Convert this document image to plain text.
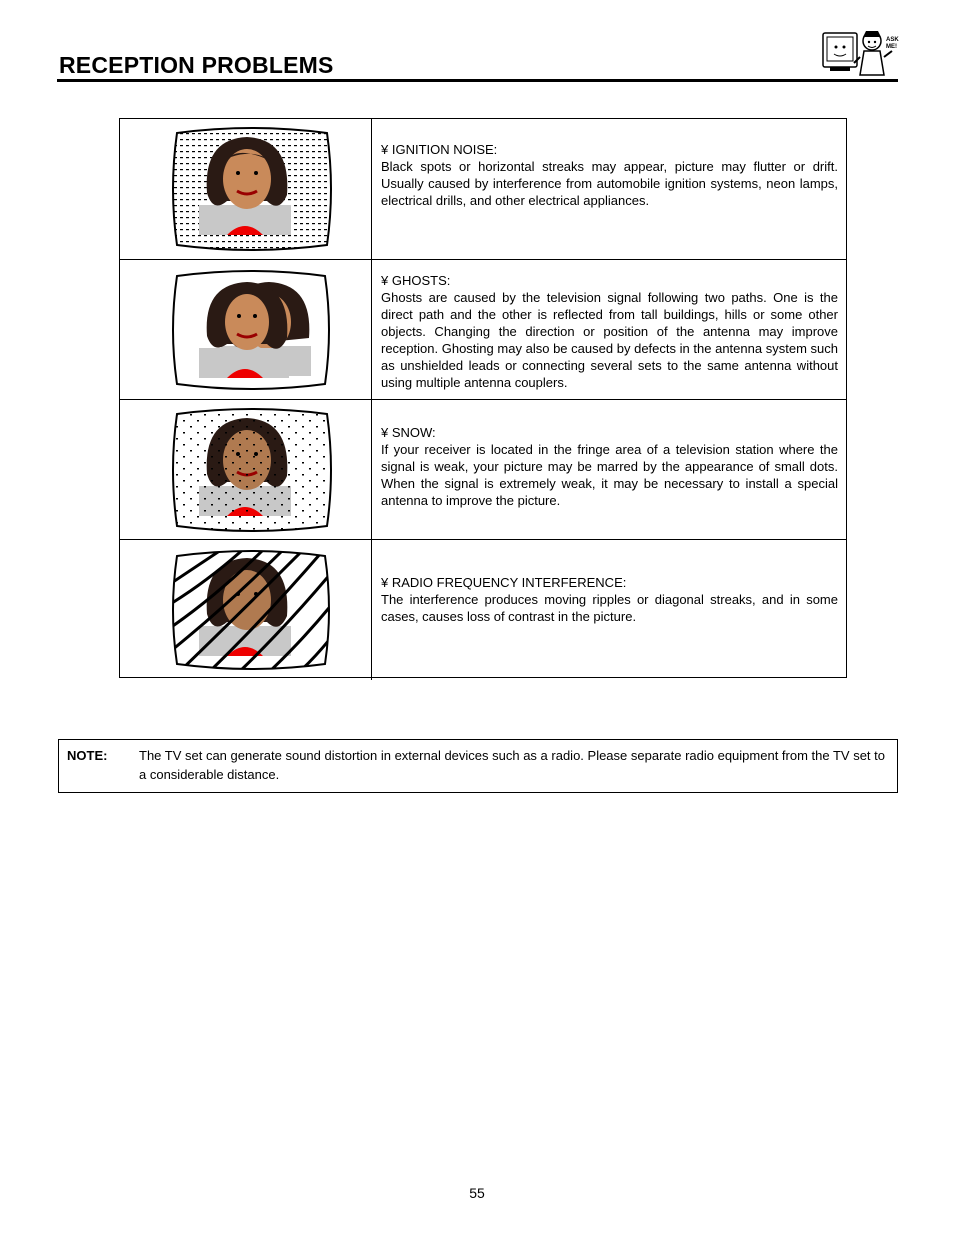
RECEPTION PROBLEMS
ASK
ME!
¥ IGNITION NOISE:
Black spots or horizontal streaks may appear, picture may flutter or drift. Usually caused by interference from automobile ignition systems, neon lamps, electrical drills, and other electrical appliances.
¥ GHOSTS:
Ghosts are caused by the television signal following two paths. One is the direct path and the other is reflected from tall buildings, hills or some other objects. Changing the direction or position of the antenna may improve reception. Ghosting may also be caused by defects in the antenna system such as unshielded leads or connecting several sets to the same antenna without using multiple antenna couplers.
¥ SNOW:
If your receiver is located in the fringe area of a television station where the signal is weak, your picture may be marred by the appearance of small dots. When the signal is extremely weak, it may be necessary to install a special antenna to improve the picture.
¥ RADIO FREQUENCY INTERFERENCE:
The interference produces moving ripples or diagonal streaks, and in some cases, causes loss of contrast in the picture.
NOTE: The TV set can generate sound distortion in external devices such as a radio. Please separate radio equipment from the TV set to a considerable distance.
55
